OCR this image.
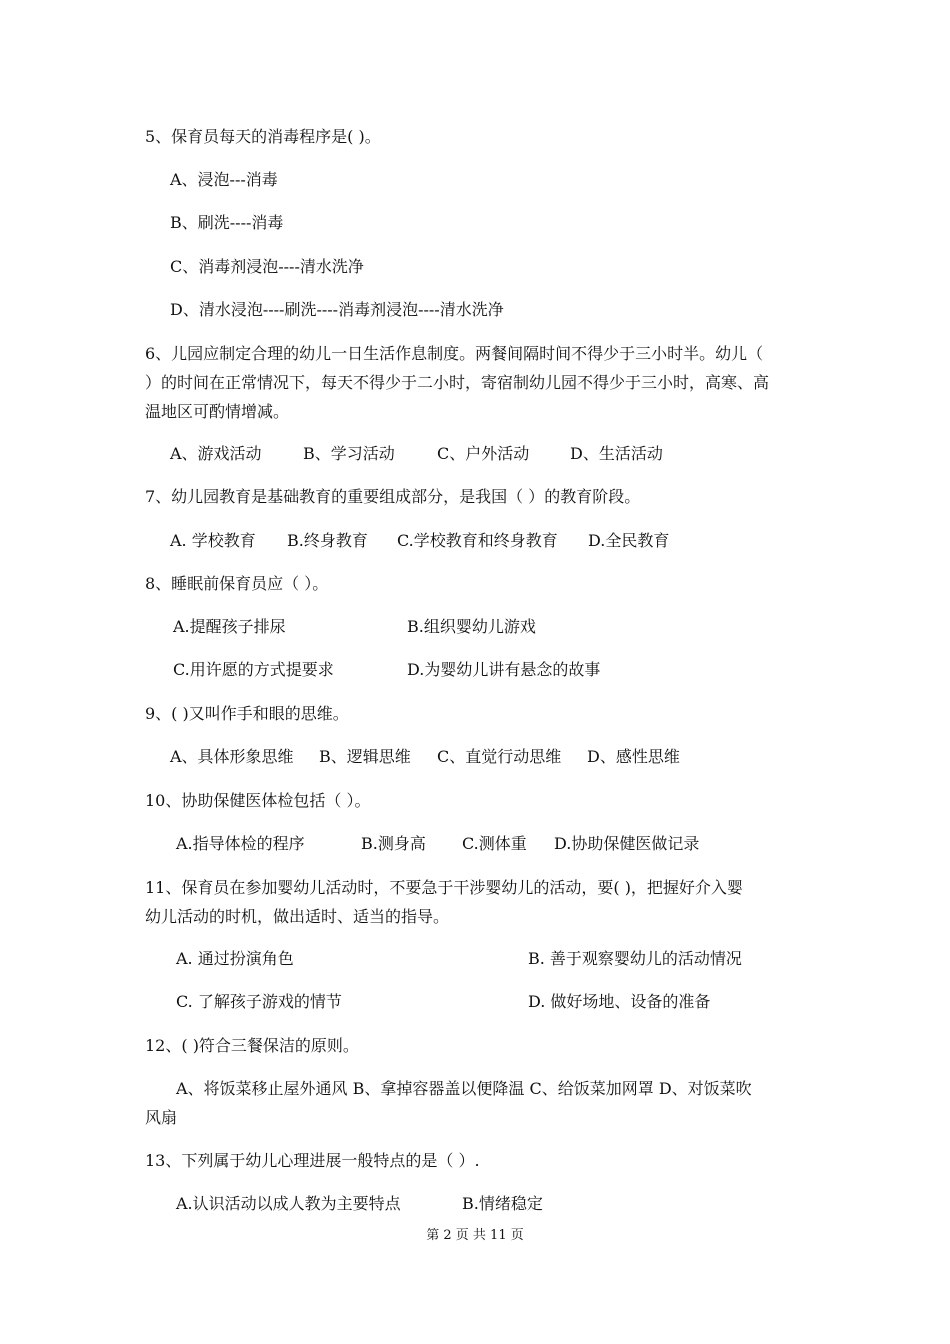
5、保育员每天的消毒程序是( )。
A、浸泡---消毒
B、刷洗----消毒
C、消毒剂浸泡----清水洗净
D、清水浸泡----刷洗----消毒剂浸泡----清水洗净
6、儿园应制定合理的幼儿一日生活作息制度。两餐间隔时间不得少于三小时半。幼儿（
）的时间在正常情况下，每天不得少于二小时，寄宿制幼儿园不得少于三小时，高寒、高
温地区可酌情增减。
A、游戏活动	B、学习活动	C、户外活动	D、生活活动
7、幼儿园教育是基础教育的重要组成部分，是我国（ ）的教育阶段。
A. 学校教育 B.终身教育 C.学校教育和终身教育 D.全民教育
8、睡眠前保育员应（ ）。
A.提醒孩子排尿	B.组织婴幼儿游戏
C.用许愿的方式提要求	D.为婴幼儿讲有悬念的故事
9、( )又叫作手和眼的思维。
A、具体形象思维 B、逻辑思维 C、直觉行动思维 D、感性思维
10、协助保健医体检包括（ ）。
A.指导体检的程序	B.测身高 C.测体重 D.协助保健医做记录
11、保育员在参加婴幼儿活动时，不要急于干涉婴幼儿的活动，要( )，把握好介入婴
幼儿活动的时机，做出适时、适当的指导。
A. 通过扮演角色	B. 善于观察婴幼儿的活动情况
C. 了解孩子游戏的情节	D. 做好场地、设备的准备
12、( )符合三餐保洁的原则。
A、将饭菜移止屋外通风 B、拿掉容器盖以便降温 C、给饭菜加网罩 D、对饭菜吹
风扇
13、下列属于幼儿心理进展一般特点的是（ ）.
A.认识活动以成人教为主要特点	B.情绪稳定
第 2 页 共 11 页
